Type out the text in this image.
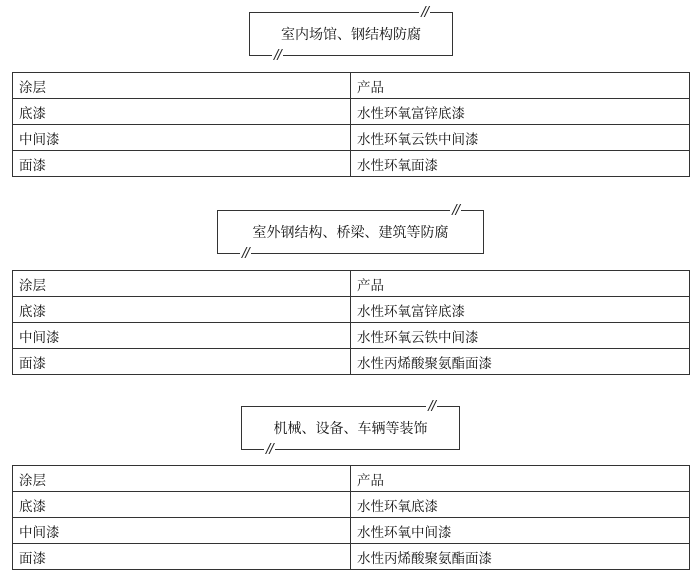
室内场馆、钢结构防腐
//
//
涂层	产品
底漆	水性环氧富锌底漆
中间漆	水性环氧云铁中间漆
面漆	水性环氧面漆
室外钢结构、桥梁、建筑等防腐
//
//
涂层	产品
底漆	水性环氧富锌底漆
中间漆	水性环氧云铁中间漆
面漆	水性丙烯酸聚氨酯面漆
机械、设备、车辆等装饰
//
//
涂层	产品
底漆	水性环氧底漆
中间漆	水性环氧中间漆
面漆	水性丙烯酸聚氨酯面漆
